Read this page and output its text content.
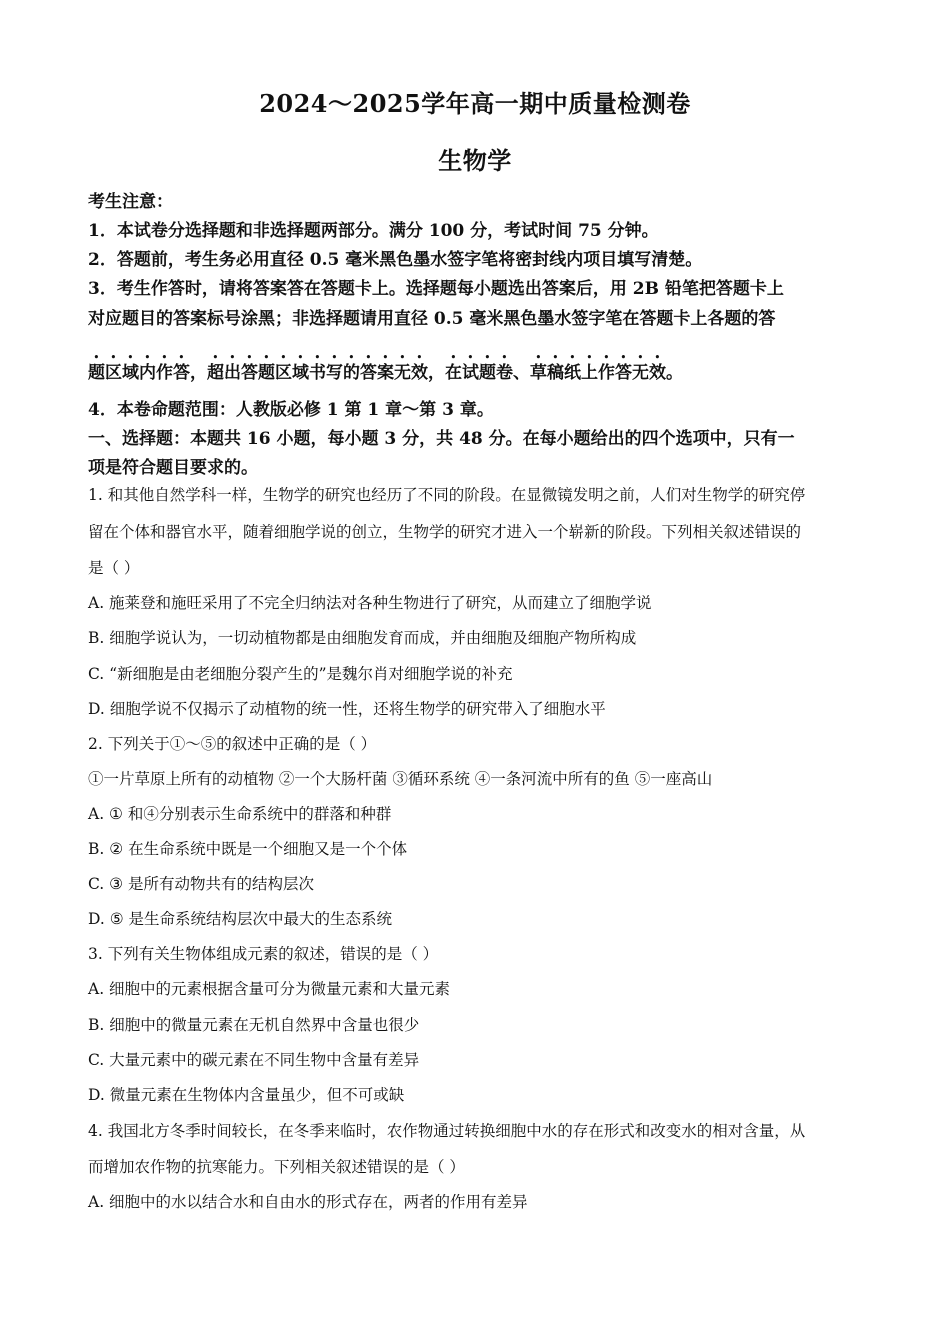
2024～2025学年高一期中质量检测卷
生物学
考生注意：
1．本试卷分选择题和非选择题两部分。满分 100 分，考试时间 75 分钟。
2．答题前，考生务必用直径 0.5 毫米黑色墨水签字笔将密封线内项目填写清楚。
3．考生作答时，请将答案答在答题卡上。选择题每小题选出答案后，用 2B 铅笔把答题卡上
对应题目的答案标号涂黑；非选择题请用直径 0.5 毫米黑色墨水签字笔在答题卡上各题的答
题区域内作答，超出答题区域书写的答案无效，在试题卷、草稿纸上作答无效。
4．本卷命题范围：人教版必修 1 第 1 章～第 3 章。
一、选择题：本题共 16 小题，每小题 3 分，共 48 分。在每小题给出的四个选项中，只有一
项是符合题目要求的。
1. 和其他自然学科一样，生物学的研究也经历了不同的阶段。在显微镜发明之前，人们对生物学的研究停
留在个体和器官水平，随着细胞学说的创立，生物学的研究才进入一个崭新的阶段。下列相关叙述错误的
是（ ）
A. 施莱登和施旺采用了不完全归纳法对各种生物进行了研究，从而建立了细胞学说
B. 细胞学说认为，一切动植物都是由细胞发育而成，并由细胞及细胞产物所构成
C. “新细胞是由老细胞分裂产生的”是魏尔肖对细胞学说的补充
D. 细胞学说不仅揭示了动植物的统一性，还将生物学的研究带入了细胞水平
2. 下列关于①～⑤的叙述中正确的是（ ）
①一片草原上所有的动植物 ②一个大肠杆菌 ③循环系统 ④一条河流中所有的鱼 ⑤一座高山
A. ① 和④分别表示生命系统中的群落和种群
B. ② 在生命系统中既是一个细胞又是一个个体
C. ③ 是所有动物共有的结构层次
D. ⑤ 是生命系统结构层次中最大的生态系统
3. 下列有关生物体组成元素的叙述，错误的是（ ）
A. 细胞中的元素根据含量可分为微量元素和大量元素
B. 细胞中的微量元素在无机自然界中含量也很少
C. 大量元素中的碳元素在不同生物中含量有差异
D. 微量元素在生物体内含量虽少，但不可或缺
4. 我国北方冬季时间较长，在冬季来临时，农作物通过转换细胞中水的存在形式和改变水的相对含量，从
而增加农作物的抗寒能力。下列相关叙述错误的是（ ）
A. 细胞中的水以结合水和自由水的形式存在，两者的作用有差异
